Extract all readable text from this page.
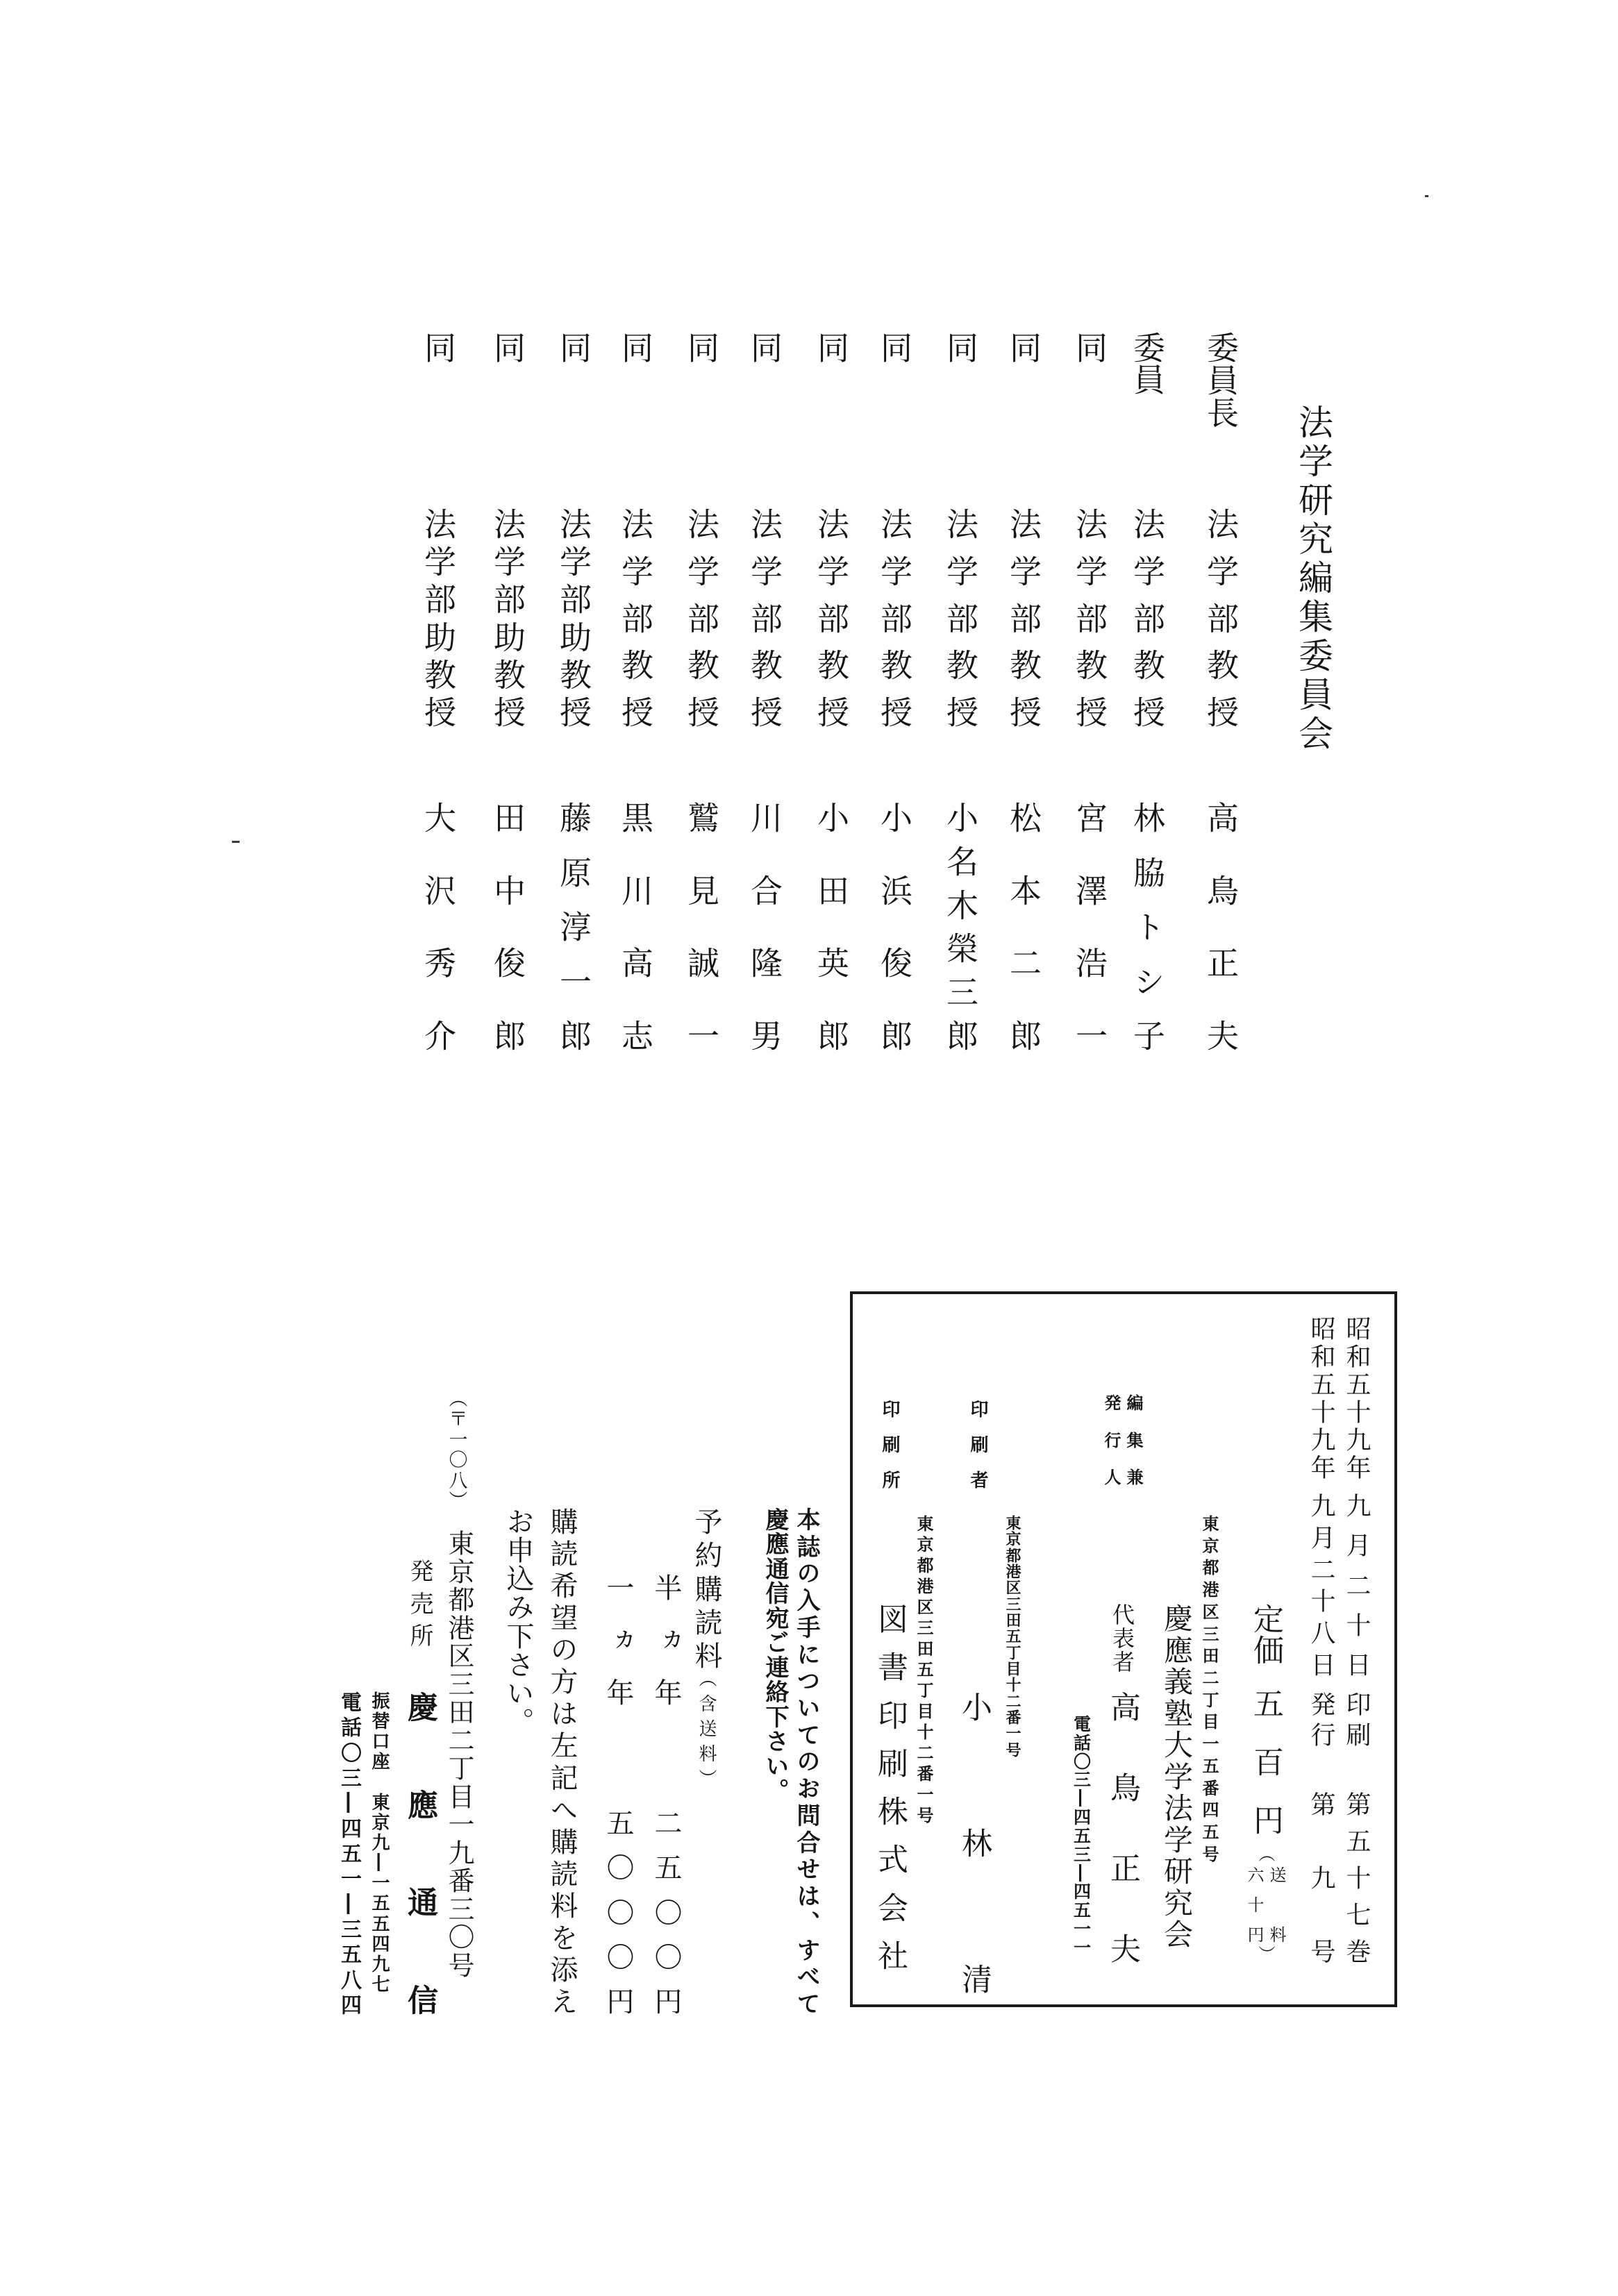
法
学
研
究
編
集
委
員
会
委
員
長
法
学
部
教
授
高
鳥
正
夫
委
員
法
学
部
教
授
林
脇
ト
シ
子
同
法
学
部
教
授
宮
澤
浩
一
同
法
学
部
教
授
松
本
二
郎
同
法
学
部
教
授
小
名
木
榮
三
郎
同
法
学
部
教
授
小
浜
俊
郎
同
法
学
部
教
授
小
田
英
郎
同
法
学
部
教
授
川
合
隆
男
同
法
学
部
教
授
鷲
見
誠
一
同
法
学
部
教
授
黒
川
高
志
同
法
学
部
助
教
授
藤
原
淳
一
郎
同
法
学
部
助
教
授
田
中
俊
郎
同
法
学
部
助
教
授
大
沢
秀
介
昭
和
五
十
九
年
九
月
二
十
日
印
刷
第
五
十
七
巻
昭
和
五
十
九
年
九
月
二
十
八
日
発
行
第
九
号
定
価
五
百
円
（
送
料
六
十
円
）
東
京
都
港
区
三
田
二
丁
目
一
五
番
四
五
号
慶
應
義
塾
大
学
法
学
研
究
会
編
集
兼
発
行
人
代
表
者
高
鳥
正
夫
電
話
〇
三
―
四
五
三
―
四
五
一
一
印
刷
者
東
京
都
港
区
三
田
五
丁
目
十
二
番
一
号
小
林
清
印
刷
所
東
京
都
港
区
三
田
五
丁
目
十
二
番
一
号
図
書
印
刷
株
式
会
社
本
誌
の
入
手
に
つ
い
て
の
お
問
合
せ
は
、
す
べ
て
慶
應
通
信
宛
ご
連
絡
下
さ
い
。
予
約
購
読
料
（
含
送
料
）
半
ヵ
年
二
五
〇
〇
円
一
ヵ
年
五
〇
〇
〇
円
購
読
希
望
の
方
は
左
記
へ
購
読
料
を
添
え
お
申
込
み
下
さ
い
。
（
〒
一
〇
八
）
東
京
都
港
区
三
田
二
丁
目
一
九
番
三
〇
号
発
売
所
慶
應
通
信
振
替
口
座

東
京
九
―
一
五
五
四
九
七
電
話
〇
三
―
四
五
一
―
三
五
八
四
